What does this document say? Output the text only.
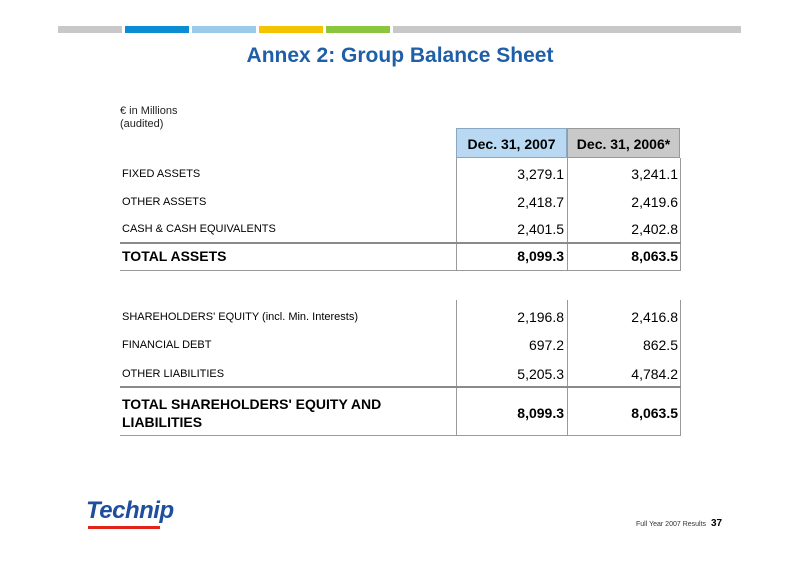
Annex 2: Group Balance Sheet
€ in Millions
(audited)
Dec. 31, 2007	Dec. 31, 2006*
FIXED ASSETS	3,279.1	3,241.1
OTHER ASSETS	2,418.7	2,419.6
CASH & CASH EQUIVALENTS	2,401.5	2,402.8
TOTAL ASSETS	8,099.3	8,063.5
SHAREHOLDERS' EQUITY (incl. Min. Interests)	2,196.8	2,416.8
FINANCIAL DEBT	697.2	862.5
OTHER LIABILITIES	5,205.3	4,784.2
TOTAL SHAREHOLDERS' EQUITY AND
LIABILITIES
8,099.3	8,063.5
Technip
Full Year 2007 Results 37
